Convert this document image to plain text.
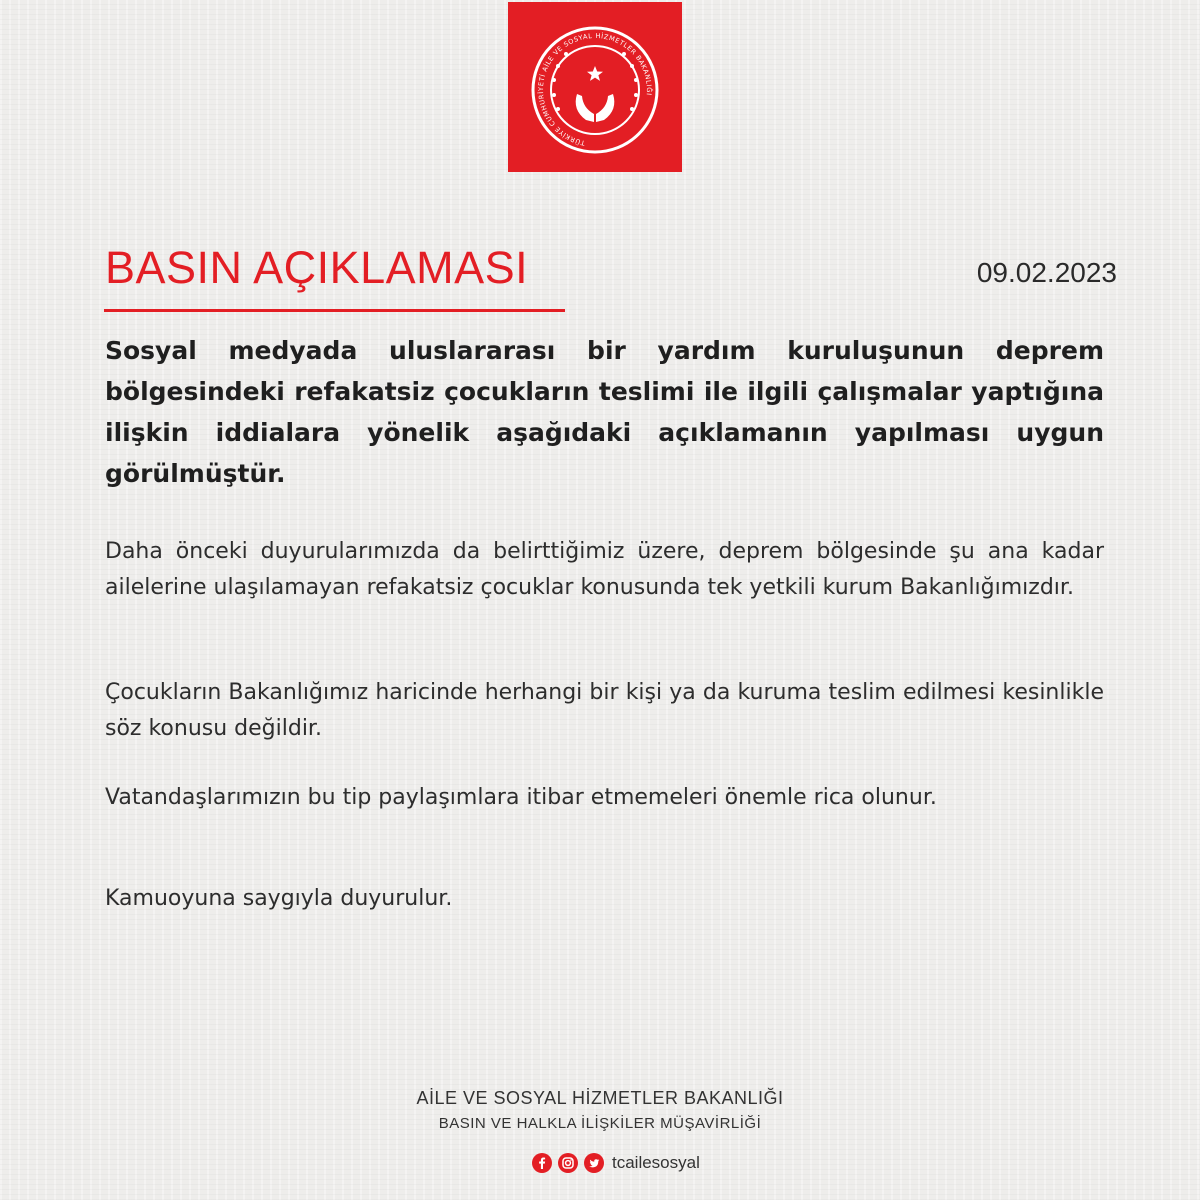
TÜRKİYE CUMHURİYETİ AİLE VE SOSYAL HİZMETLER BAKANLIĞI
BASIN AÇIKLAMASI	09.02.2023

Sosyal medyada uluslararası bir yardım kuruluşunun deprem bölgesindeki refakatsiz çocukların teslimi ile ilgili çalışmalar yaptığına ilişkin iddialara yönelik aşağıdaki açıklamanın yapılması uygun görülmüştür.

Daha önceki duyurularımızda da belirttiğimiz üzere, deprem bölgesinde şu ana kadar ailelerine ulaşılamayan refakatsiz çocuklar konusunda tek yetkili kurum Bakanlığımızdır.

Çocukların Bakanlığımız haricinde herhangi bir kişi ya da kuruma teslim edilmesi kesinlikle söz konusu değildir.

Vatandaşlarımızın bu tip paylaşımlara itibar etmemeleri önemle rica olunur.

Kamuoyuna saygıyla duyurulur.

AİLE VE SOSYAL HİZMETLER BAKANLIĞI
BASIN VE HALKLA İLİŞKİLER MÜŞAVİRLİĞİ
tcailesosyal
